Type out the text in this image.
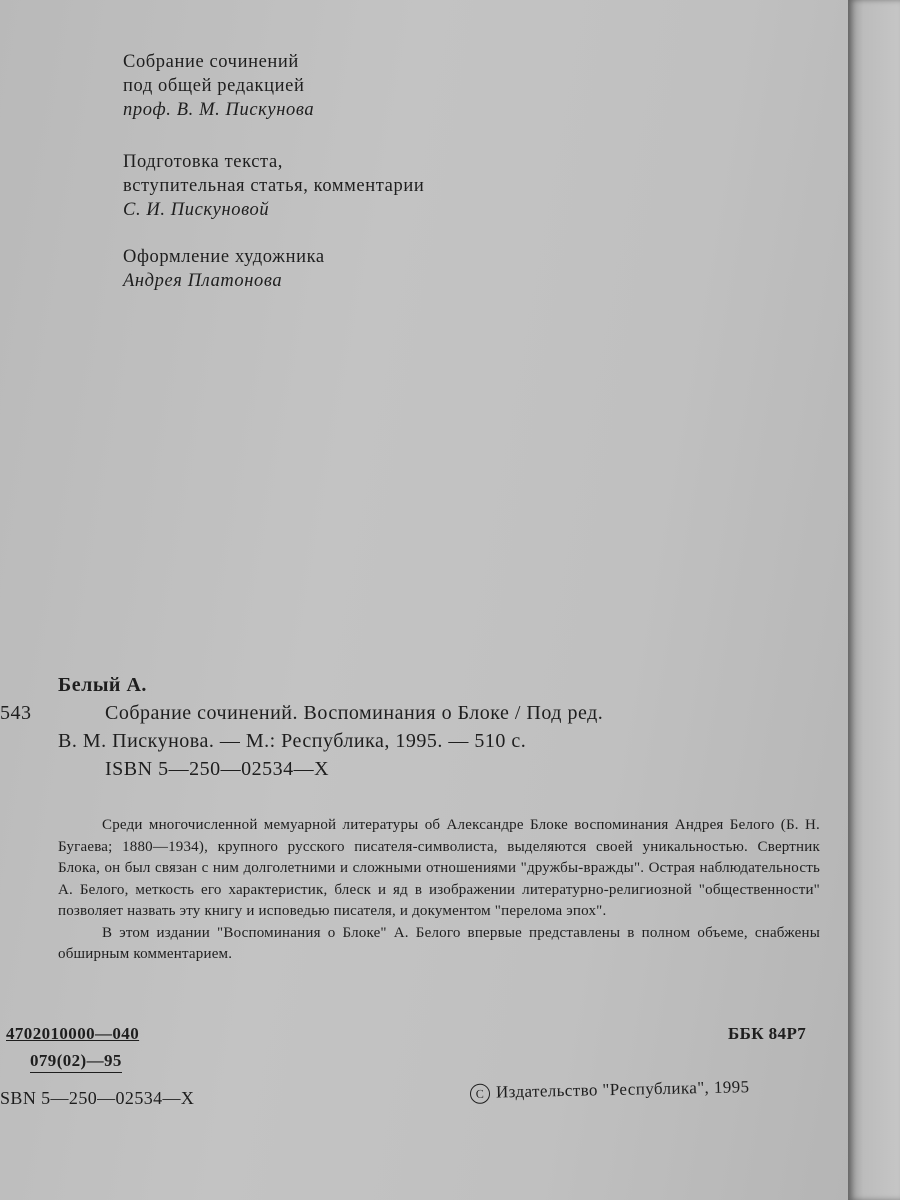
Собрание сочинений
под общей редакцией
проф. В. М. Пискунова
Подготовка текста,
вступительная статья, комментарии
С. И. Пискуновой
Оформление художника
Андрея Платонова
Белый А.
543	Собрание сочинений. Воспоминания о Блоке / Под ред.
В. М. Пискунова. — М.: Республика, 1995. — 510 с.
ISBN 5—250—02534—X

Среди многочисленной мемуарной литературы об Александре Блоке воспоминания Андрея Белого (Б. Н. Бугаева; 1880—1934), крупного русского писателя-символиста, выделяются своей уникальностью. Свертник Блока, он был связан с ним долголетними и сложными отношениями "дружбы-вражды". Острая наблюдательность А. Белого, меткость его характеристик, блеск и яд в изображении литературно-религиозной "общественности" позволяет назвать эту книгу и исповедью писателя, и документом "перелома эпох".

В этом издании "Воспоминания о Блоке" А. Белого впервые представлены в полном объеме, снабжены обширным комментарием.

4702010000—040
079(02)—95
ББК 84Р7
SBN 5—250—02534—X	C Издательство "Республика", 1995
